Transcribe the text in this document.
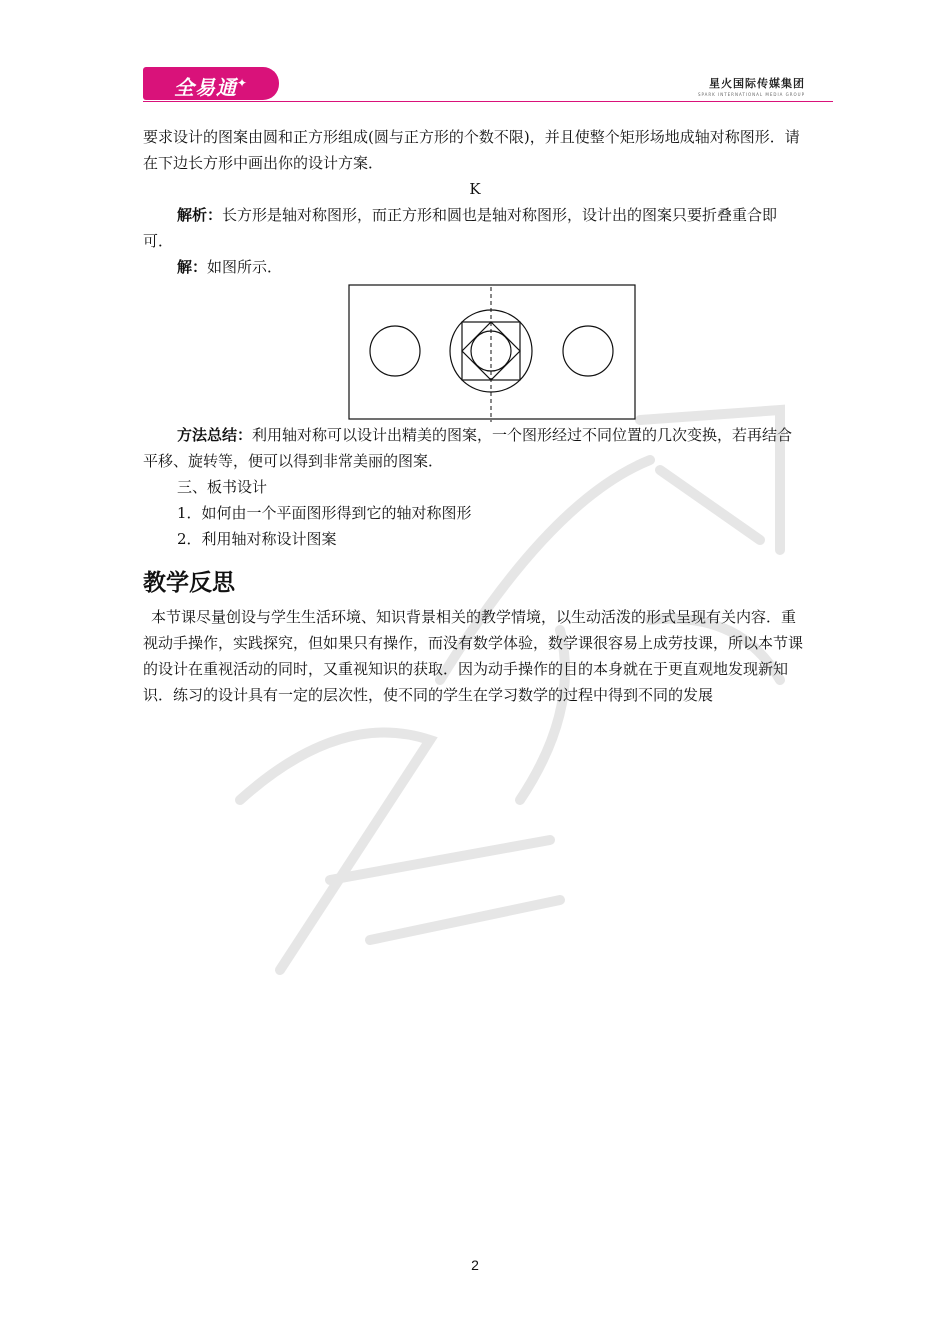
全易通✦	星火国际传媒集团
SPARK INTERNATIONAL MEDIA GROUP

要求设计的图案由圆和正方形组成(圆与正方形的个数不限)，并且使整个矩形场地成轴对称图形．请在下边长方形中画出你的设计方案．

K

解析：长方形是轴对称图形，而正方形和圆也是轴对称图形，设计出的图案只要折叠重合即可．

解：如图所示．

方法总结：利用轴对称可以设计出精美的图案，一个图形经过不同位置的几次变换，若再结合平移、旋转等，便可以得到非常美丽的图案．

三、板书设计

1．如何由一个平面图形得到它的轴对称图形

2．利用轴对称设计图案

教学反思

本节课尽量创设与学生生活环境、知识背景相关的教学情境，以生动活泼的形式呈现有关内容．重视动手操作，实践探究，但如果只有操作，而没有数学体验，数学课很容易上成劳技课，所以本节课的设计在重视活动的同时，又重视知识的获取．因为动手操作的目的本身就在于更直观地发现新知识．练习的设计具有一定的层次性，使不同的学生在学习数学的过程中得到不同的发展

2
